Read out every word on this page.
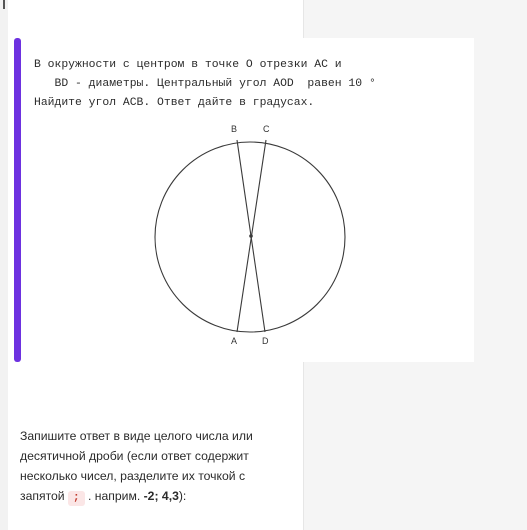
В окружности с центром в точке O отрезки AC и
BD - диаметры. Центральный угол AOD  равен 10 °
Найдите угол ACB. Ответ дайте в градусах.
B	C
A	D
Запишите ответ в виде целого числа или десятичной дроби (если ответ содержит несколько чисел, разделите их точкой с запятой ; . наприм. -2; 4,3):
